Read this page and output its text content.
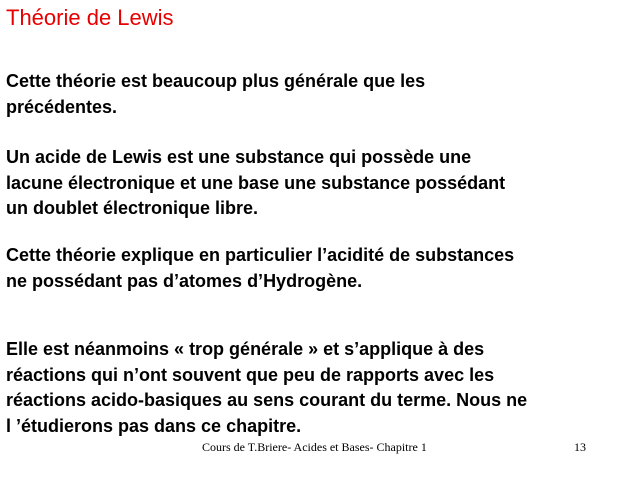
Théorie de Lewis
Cette théorie est beaucoup plus générale que les
précédentes.
Un acide de Lewis est une substance qui possède une
lacune électronique et une base une substance possédant
un doublet électronique libre.
Cette théorie explique en particulier l’acidité de substances
ne possédant pas d’atomes d’Hydrogène.
Elle est néanmoins « trop générale » et s’applique à des
réactions qui n’ont souvent que peu de rapports avec les
réactions acido-basiques au sens courant du terme. Nous ne
l ’étudierons pas dans ce chapitre.
Cours de T.Briere- Acides et Bases- Chapitre 1	13
